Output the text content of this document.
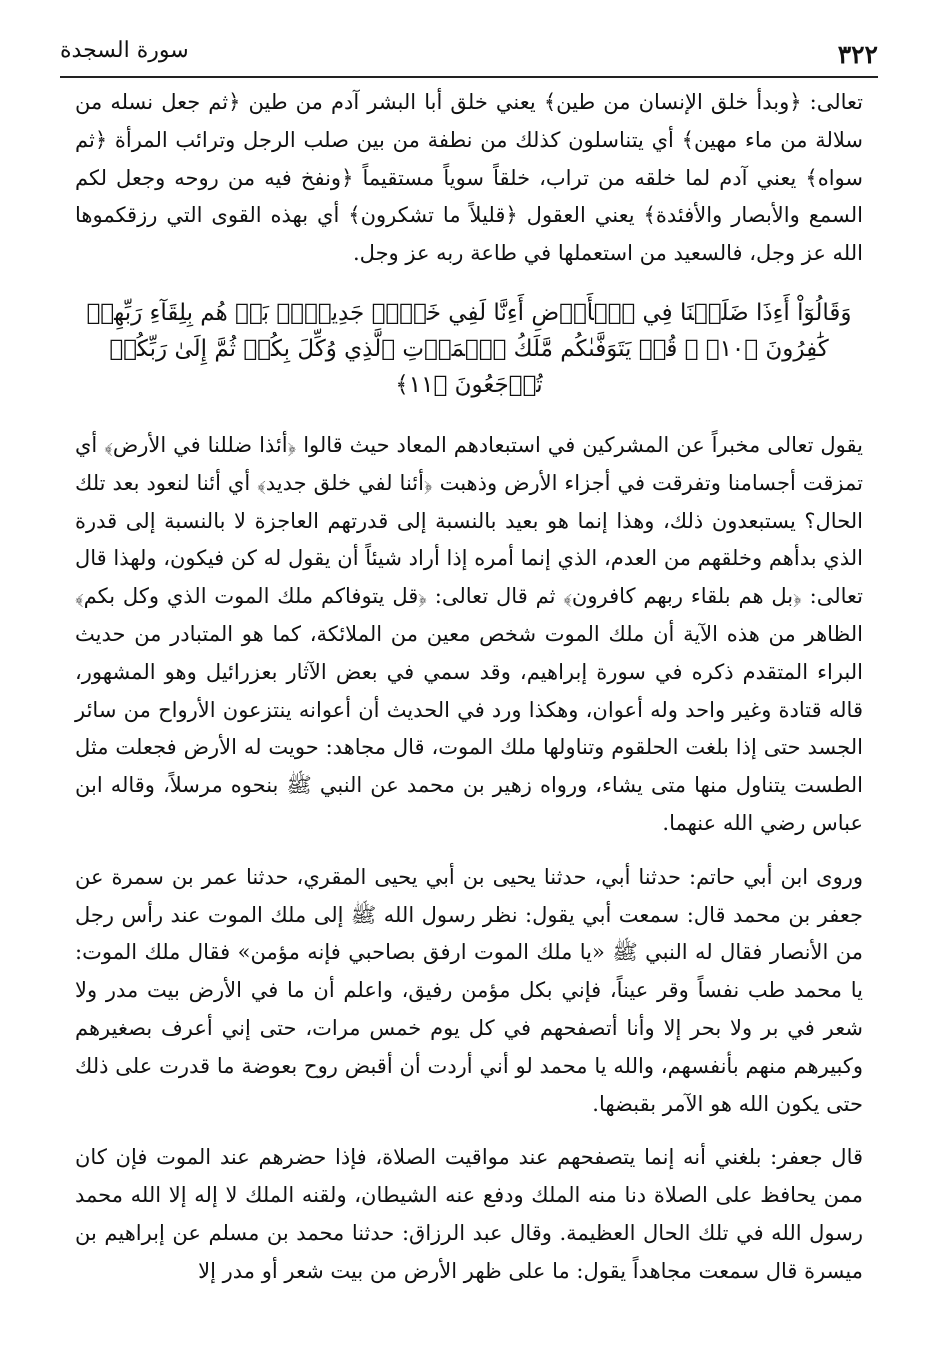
٣٢٢
سورة السجدة

تعالى: ﴿وبدأ خلق الإنسان من طين﴾ يعني خلق أبا البشر آدم من طين ﴿ثم جعل نسله من سلالة من ماء مهين﴾ أي يتناسلون كذلك من نطفة من بين صلب الرجل وترائب المرأة ﴿ثم سواه﴾ يعني آدم لما خلقه من تراب، خلقاً سوياً مستقيماً ﴿ونفخ فيه من روحه وجعل لكم السمع والأبصار والأفئدة﴾ يعني العقول ﴿قليلاً ما تشكرون﴾ أي بهذه القوى التي رزقكموها الله عز وجل، فالسعيد من استعملها في طاعة ربه عز وجل.

وَقَالُوٓاْ أَءِذَا ضَلَلۡنَا فِي ٱلۡأَرۡضِ أَءِنَّا لَفِي خَلۡقٖ جَدِيدِۭۚ بَلۡ هُم بِلِقَآءِ رَبِّهِمۡ كَٰفِرُونَ ﴿١٠﴾ ۞ قُلۡ يَتَوَفَّىٰكُم مَّلَكُ ٱلۡمَوۡتِ ٱلَّذِي وُكِّلَ بِكُمۡ ثُمَّ إِلَىٰ رَبِّكُمۡ تُرۡجَعُونَ ﴿١١﴾

يقول تعالى مخبراً عن المشركين في استبعادهم المعاد حيث قالوا ﴿أئذا ضللنا في الأرض﴾ أي تمزقت أجسامنا وتفرقت في أجزاء الأرض وذهبت ﴿أئنا لفي خلق جديد﴾ أي أئنا لنعود بعد تلك الحال؟ يستبعدون ذلك، وهذا إنما هو بعيد بالنسبة إلى قدرتهم العاجزة لا بالنسبة إلى قدرة الذي بدأهم وخلقهم من العدم، الذي إنما أمره إذا أراد شيئاً أن يقول له كن فيكون، ولهذا قال تعالى: ﴿بل هم بلقاء ربهم كافرون﴾ ثم قال تعالى: ﴿قل يتوفاكم ملك الموت الذي وكل بكم﴾ الظاهر من هذه الآية أن ملك الموت شخص معين من الملائكة، كما هو المتبادر من حديث البراء المتقدم ذكره في سورة إبراهيم، وقد سمي في بعض الآثار بعزرائيل وهو المشهور، قاله قتادة وغير واحد وله أعوان، وهكذا ورد في الحديث أن أعوانه ينتزعون الأرواح من سائر الجسد حتى إذا بلغت الحلقوم وتناولها ملك الموت، قال مجاهد: حويت له الأرض فجعلت مثل الطست يتناول منها متى يشاء، ورواه زهير بن محمد عن النبي ﷺ بنحوه مرسلاً، وقاله ابن عباس رضي الله عنهما.

وروى ابن أبي حاتم: حدثنا أبي، حدثنا يحيى بن أبي يحيى المقري، حدثنا عمر بن سمرة عن جعفر بن محمد قال: سمعت أبي يقول: نظر رسول الله ﷺ إلى ملك الموت عند رأس رجل من الأنصار فقال له النبي ﷺ «يا ملك الموت ارفق بصاحبي فإنه مؤمن» فقال ملك الموت: يا محمد طب نفساً وقر عيناً، فإني بكل مؤمن رفيق، واعلم أن ما في الأرض بيت مدر ولا شعر في بر ولا بحر إلا وأنا أتصفحهم في كل يوم خمس مرات، حتى إني أعرف بصغيرهم وكبيرهم منهم بأنفسهم، والله يا محمد لو أني أردت أن أقبض روح بعوضة ما قدرت على ذلك حتى يكون الله هو الآمر بقبضها.

قال جعفر: بلغني أنه إنما يتصفحهم عند مواقيت الصلاة، فإذا حضرهم عند الموت فإن كان ممن يحافظ على الصلاة دنا منه الملك ودفع عنه الشيطان، ولقنه الملك لا إله إلا الله محمد رسول الله في تلك الحال العظيمة. وقال عبد الرزاق: حدثنا محمد بن مسلم عن إبراهيم بن ميسرة قال سمعت مجاهداً يقول: ما على ظهر الأرض من بيت شعر أو مدر إلا
